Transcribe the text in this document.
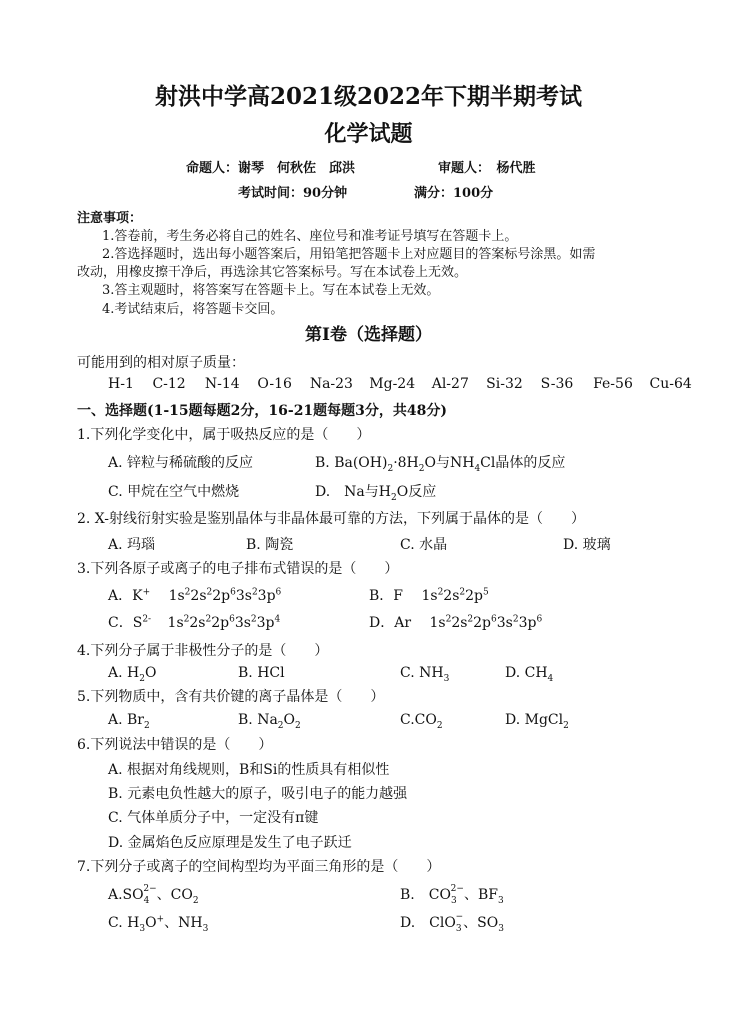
射洪中学高2021级2022年下期半期考试
化学试题
命题人：谢琴　何秋佐　邱洪	审题人：　杨代胜
考试时间：90分钟	满分：100分
注意事项：
1.答卷前，考生务必将自己的姓名、座位号和准考证号填写在答题卡上。
2.答选择题时，选出每小题答案后，用铅笔把答题卡上对应题目的答案标号涂黑。如需
改动，用橡皮擦干净后，再选涂其它答案标号。写在本试卷上无效。
3.答主观题时，将答案写在答题卡上。写在本试卷上无效。
4.考试结束后，将答题卡交回。
第Ⅰ卷（选择题）
可能用到的相对原子质量：
H-1 C-12 N-14 O-16 Na-23 Mg-24 Al-27 Si-32 S-36 Fe-56 Cu-64
一、选择题(1-15题每题2分，16-21题每题3分，共48分)
1.下列化学变化中，属于吸热反应的是（　　）
A. 锌粒与稀硫酸的反应	B. $Ba(OH)_2\cdot 8H_2O$与$NH_4Cl$晶体的反应
C. 甲烷在空气中燃烧	D.　Na与$H_2O$反应
2. X-射线衍射实验是鉴别晶体与非晶体最可靠的方法，下列属于晶体的是（　　）
A. 玛瑙	B. 陶瓷	C. 水晶	D. 玻璃
3.下列各原子或离子的电子排布式错误的是（　　）
A．K+ $1s^22s^22p^63s^23p^6$	B．F $1s^22s^22p^5$
C．$S^{2-}$ $1s^22s^22p^63s^23p^4$	D．Ar $1s^22s^22p^63s^23p^6$
4.下列分子属于非极性分子的是（　　）
A. $H_2O$	B. HCl	C. $NH_3$	D. $CH_4$
5.下列物质中，含有共价键的离子晶体是（　　）
A. $Br_2$	B. $Na_2O_2$	$C.CO_2$	D. MgCl$_2$
6.下列说法中错误的是（　　）
A. 根据对角线规则，B和Si的性质具有相似性
B. 元素电负性越大的原子，吸引电子的能力越强
C. 气体单质分子中，一定没有π键
D. 金属焰色反应原理是发生了电子跃迁
7.下列分子或离子的空间构型均为平面三角形的是（　　）
$A.SO_4^{2-}$、$CO_2$	B.　$CO_3^{2-}$、$BF_3$
C. $H_3O^+$、$NH_3$	D.　ClO$_3$−、$SO_3$
